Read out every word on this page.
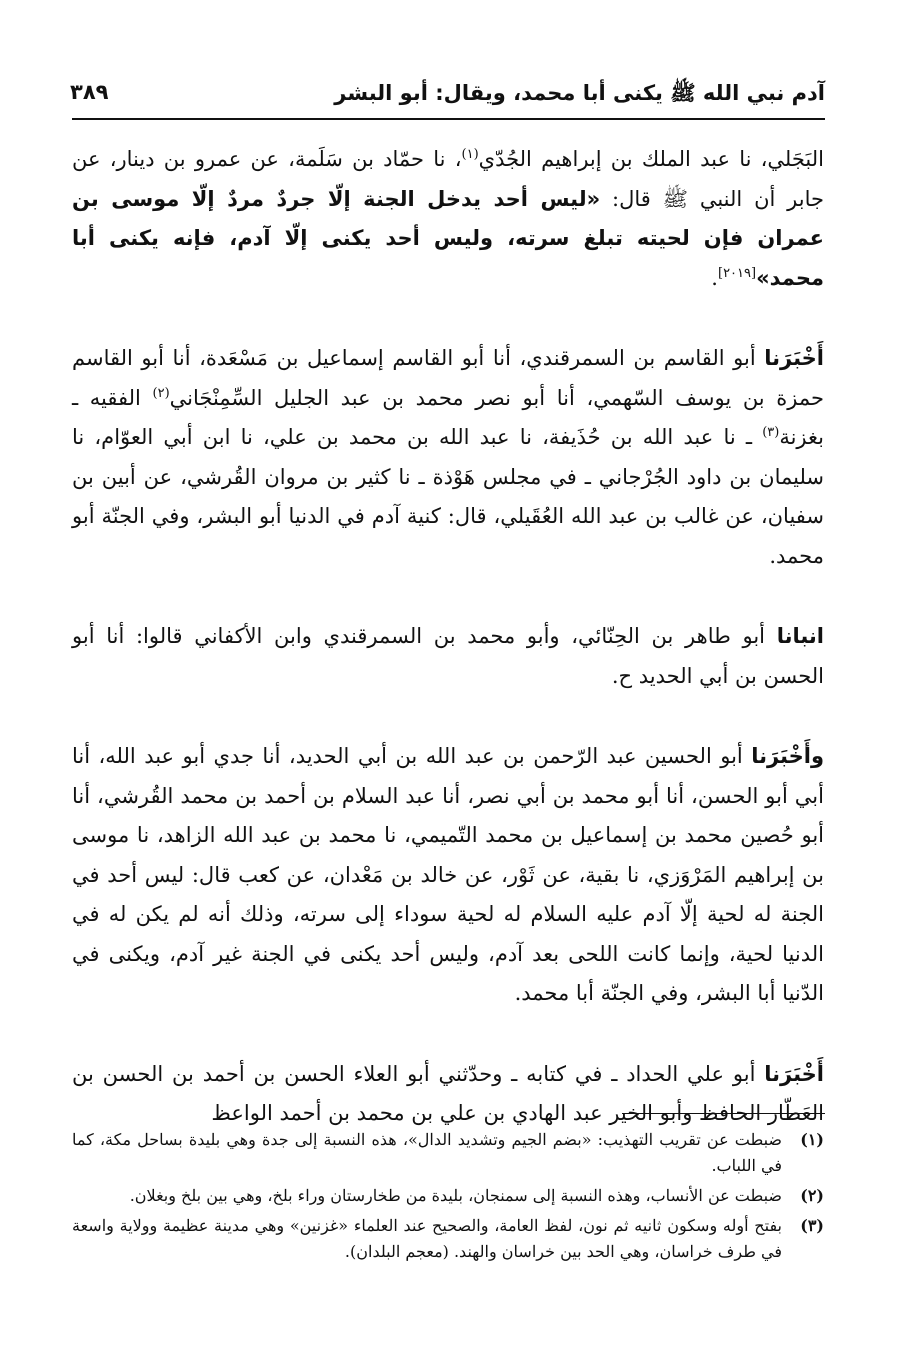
آدم نبي الله ﷺ يكنى أبا محمد، ويقال: أبو البشر
٣٨٩

البَجَلي، نا عبد الملك بن إبراهيم الجُدّي$^{(١)}$، نا حمّاد بن سَلَمة، عن عمرو بن دينار، عن جابر أن النبي ﷺ قال: «ليس أحد يدخل الجنة إلّا جردٌ مردٌ إلّا موسى بن عمران فإن لحيته تبلغ سرته، وليس أحد يكنى إلّا آدم، فإنه يكنى أبا محمد»[٢٠١٩].

أَخْبَرَنا أبو القاسم بن السمرقندي، أنا أبو القاسم إسماعيل بن مَسْعَدة، أنا أبو القاسم حمزة بن يوسف السّهمي، أنا أبو نصر محمد بن عبد الجليل السِّمِنْجَاني$^{(٢)}$ الفقيه ـ بغزنة$^{(٣)}$ ـ نا عبد الله بن حُذَيفة، نا عبد الله بن محمد بن علي، نا ابن أبي العوّام، نا سليمان بن داود الجُرْجاني ـ في مجلس هَوْذة ـ نا كثير بن مروان القُرشي، عن أبين بن سفيان، عن غالب بن عبد الله العُقَيلي، قال: كنية آدم في الدنيا أبو البشر، وفي الجنّة أبو محمد.

انبانا أبو طاهر بن الحِنّائي، وأبو محمد بن السمرقندي وابن الأكفاني قالوا: أنا أبو الحسن بن أبي الحديد ح.

وأَخْبَرَنا أبو الحسين عبد الرّحمن بن عبد الله بن أبي الحديد، أنا جدي أبو عبد الله، أنا أبي أبو الحسن، أنا أبو محمد بن أبي نصر، أنا عبد السلام بن أحمد بن محمد القُرشي، أنا أبو حُصين محمد بن إسماعيل بن محمد التّميمي، نا محمد بن عبد الله الزاهد، نا موسى بن إبراهيم المَرْوَزي، نا بقية، عن ثَوْر، عن خالد بن مَعْدان، عن كعب قال: ليس أحد في الجنة له لحية إلّا آدم عليه السلام له لحية سوداء إلى سرته، وذلك أنه لم يكن له في الدنيا لحية، وإنما كانت اللحى بعد آدم، وليس أحد يكنى في الجنة غير آدم، ويكنى في الدّنيا أبا البشر، وفي الجنّة أبا محمد.

أَخْبَرَنا أبو علي الحداد ـ في كتابه ـ وحدّثني أبو العلاء الحسن بن أحمد بن الحسن بن العَطّار الحافظ وأبو الخير عبد الهادي بن علي بن محمد بن أحمد الواعظ

(١)
ضبطت عن تقريب التهذيب: «بضم الجيم وتشديد الدال»، هذه النسبة إلى جدة وهي بليدة بساحل مكة، كما في اللباب.
(٢)
ضبطت عن الأنساب، وهذه النسبة إلى سمنجان، بليدة من طخارستان وراء بلخ، وهي بين بلخ وبغلان.
(٣)
بفتح أوله وسكون ثانيه ثم نون، لفظ العامة، والصحيح عند العلماء «غزنين» وهي مدينة عظيمة وولاية واسعة في طرف خراسان، وهي الحد بين خراسان والهند. (معجم البلدان).
